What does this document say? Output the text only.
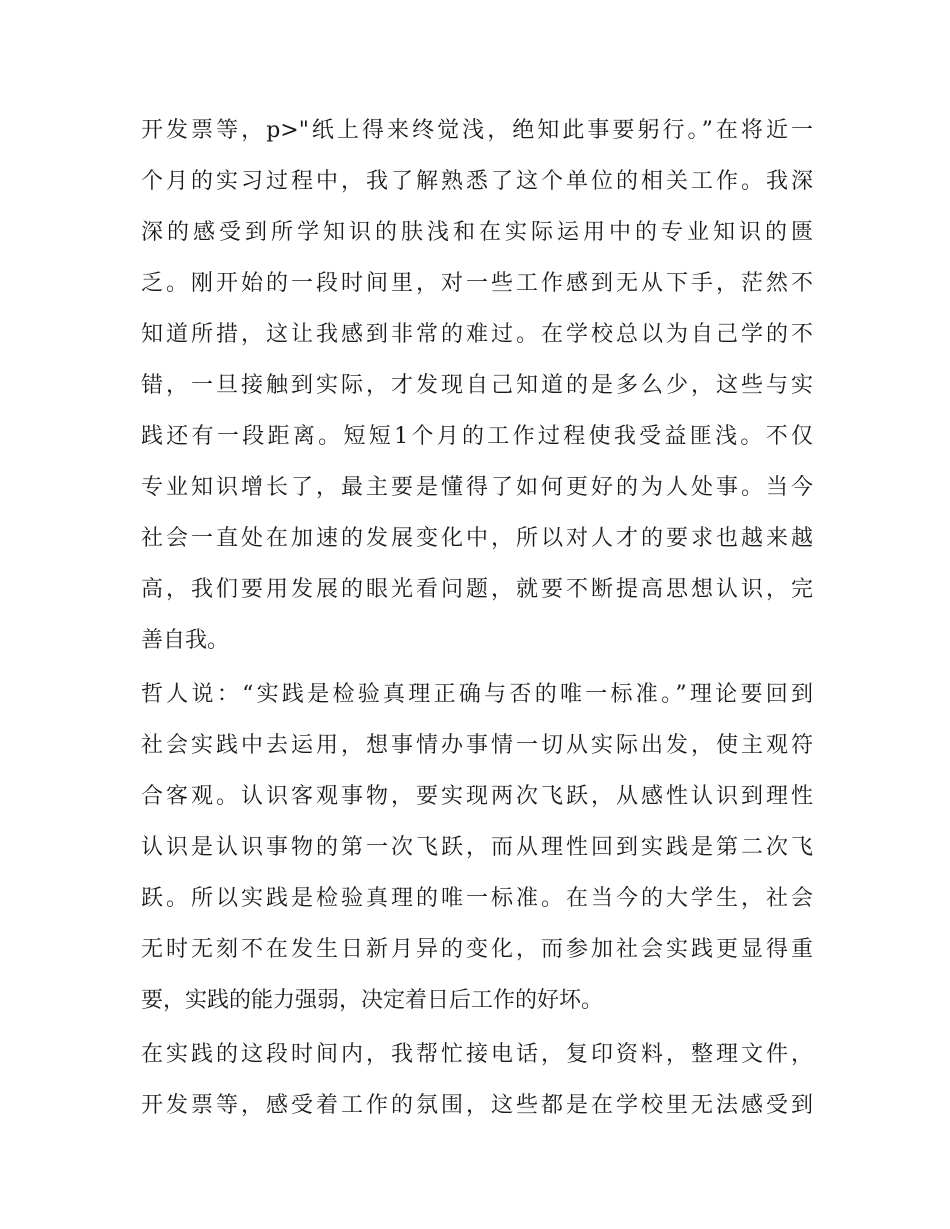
开发票等，p>"纸上得来终觉浅，绝知此事要躬行。”在将近一
个月的实习过程中，我了解熟悉了这个单位的相关工作。我深
深的感受到所学知识的肤浅和在实际运用中的专业知识的匮
乏。刚开始的一段时间里，对一些工作感到无从下手，茫然不
知道所措，这让我感到非常的难过。在学校总以为自己学的不
错，一旦接触到实际，才发现自己知道的是多么少，这些与实
践还有一段距离。短短1个月的工作过程使我受益匪浅。不仅
专业知识增长了，最主要是懂得了如何更好的为人处事。当今
社会一直处在加速的发展变化中，所以对人才的要求也越来越
高，我们要用发展的眼光看问题，就要不断提高思想认识，完
善自我。
哲人说：“实践是检验真理正确与否的唯一标准。”理论要回到
社会实践中去运用，想事情办事情一切从实际出发，使主观符
合客观。认识客观事物，要实现两次飞跃，从感性认识到理性
认识是认识事物的第一次飞跃，而从理性回到实践是第二次飞
跃。所以实践是检验真理的唯一标准。在当今的大学生，社会
无时无刻不在发生日新月异的变化，而参加社会实践更显得重
要，实践的能力强弱，决定着日后工作的好坏。
在实践的这段时间内，我帮忙接电话，复印资料，整理文件，
开发票等，感受着工作的氛围，这些都是在学校里无法感受到
